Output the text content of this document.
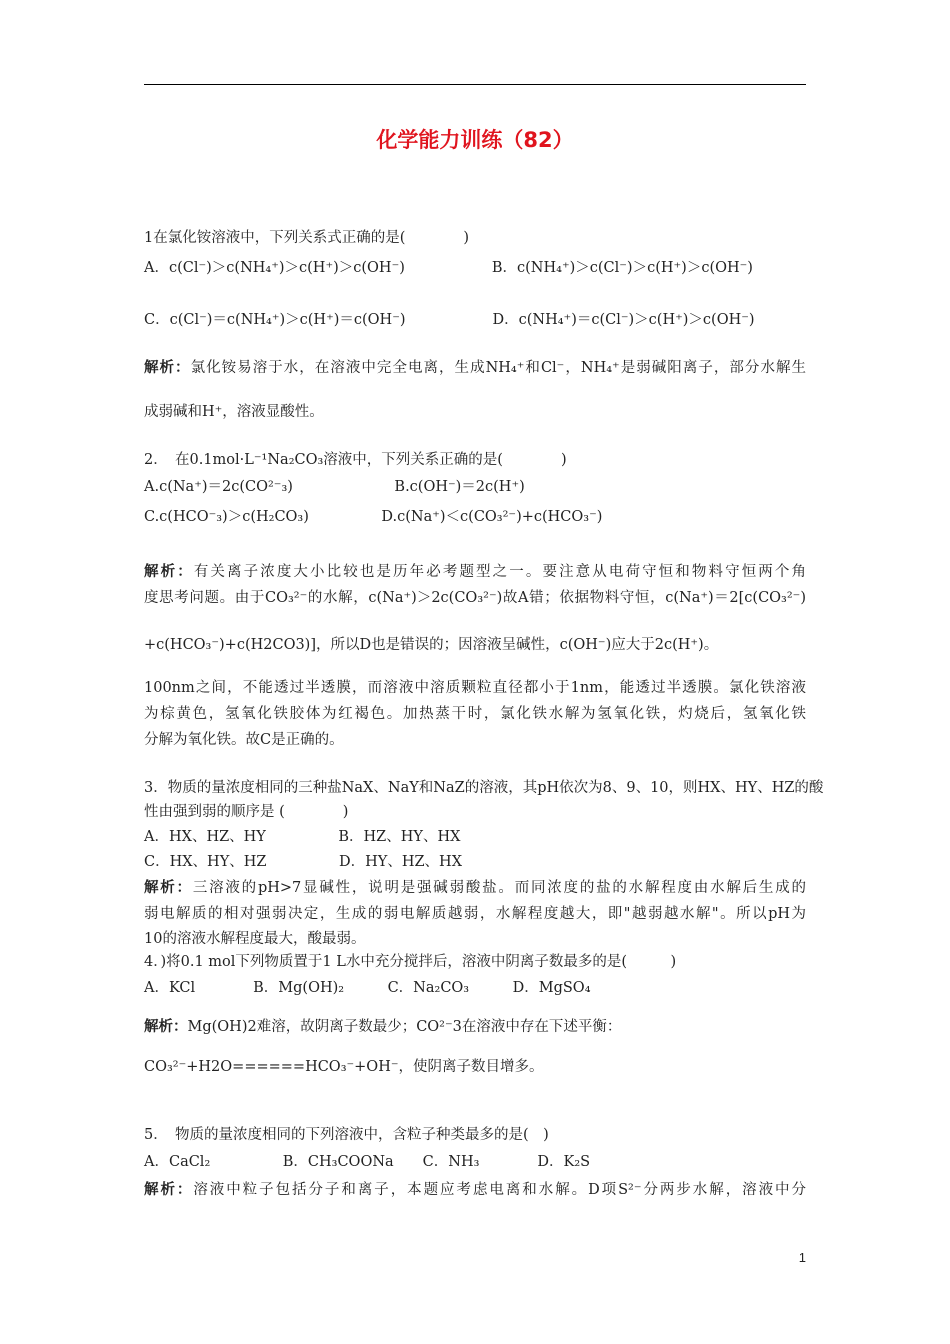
化学能力训练（82）
1在氯化铵溶液中，下列关系式正确的是(　　　　)
A．c(Cl⁻)＞c(NH₄⁺)＞c(H⁺)＞c(OH⁻)　　　　　　B．c(NH₄⁺)＞c(Cl⁻)＞c(H⁺)＞c(OH⁻)
C．c(Cl⁻)＝c(NH₄⁺)＞c(H⁺)＝c(OH⁻)　　　　　　D．c(NH₄⁺)＝c(Cl⁻)＞c(H⁺)＞c(OH⁻)
解析：氯化铵易溶于水，在溶液中完全电离，生成NH₄⁺和Cl⁻，NH₄⁺是弱碱阳离子，部分水解生
成弱碱和H⁺，溶液显酸性。
2．　在0.1mol·L⁻¹Na₂CO₃溶液中，下列关系正确的是(　　　　)
A.c(Na⁺)＝2c(CO²⁻₃)　　　　　　　B.c(OH⁻)＝2c(H⁺)
C.c(HCO⁻₃)＞c(H₂CO₃)　　　　　D.c(Na⁺)＜c(CO₃²⁻)+c(HCO₃⁻)
解析：有关离子浓度大小比较也是历年必考题型之一。要注意从电荷守恒和物料守恒两个角
度思考问题。由于CO₃²⁻的水解，c(Na⁺)＞2c(CO₃²⁻)故A错；依据物料守恒，c(Na⁺)＝2[c(CO₃²⁻)
+c(HCO₃⁻)+c(H2CO3)]，所以D也是错误的；因溶液呈碱性，c(OH⁻)应大于2c(H⁺)。
100nm之间，不能透过半透膜，而溶液中溶质颗粒直径都小于1nm，能透过半透膜。氯化铁溶液
为棕黄色，氢氧化铁胶体为红褐色。加热蒸干时，氯化铁水解为氢氧化铁，灼烧后，氢氧化铁
分解为氧化铁。故C是正确的。
3．物质的量浓度相同的三种盐NaX、NaY和NaZ的溶液，其pH依次为8、9、10，则HX、HY、HZ的酸
性由强到弱的顺序是 (　　　　)
A．HX、HZ、HY　　　　　B．HZ、HY、HX
C．HX、HY、HZ　　　　　D．HY、HZ、HX
解析：三溶液的pH>7显碱性，说明是强碱弱酸盐。而同浓度的盐的水解程度由水解后生成的
弱电解质的相对强弱决定，生成的弱电解质越弱，水解程度越大，即"越弱越水解"。所以pH为
10的溶液水解程度最大，酸最弱。
4．)将0.1 mol下列物质置于1 L水中充分搅拌后，溶液中阴离子数最多的是(　　　)
A．KCl　　　　B．Mg(OH)₂　　　C．Na₂CO₃　　　D．MgSO₄
解析：Mg(OH)2难溶，故阴离子数最少；CO²⁻3在溶液中存在下述平衡：
CO₃²⁻+H2O======HCO₃⁻+OH⁻，使阴离子数目增多。
5．　物质的量浓度相同的下列溶液中，含粒子种类最多的是(　)
A．CaCl₂　　　　　B．CH₃COONa　　C．NH₃　　　　D．K₂S
解析：溶液中粒子包括分子和离子，本题应考虑电离和水解。D项S²⁻分两步水解，溶液中分
1
